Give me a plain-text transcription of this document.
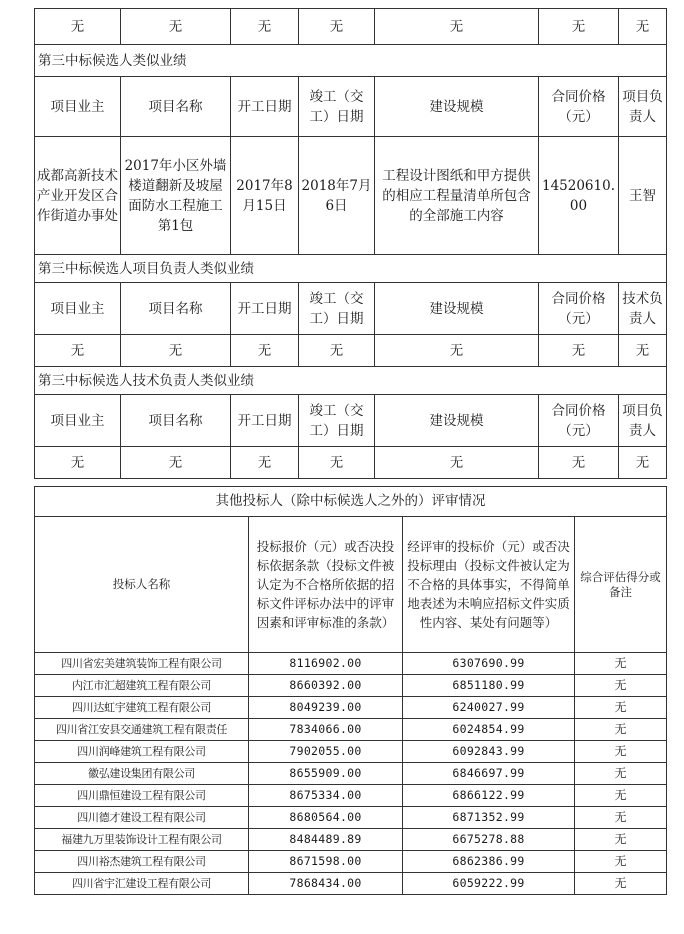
无	无	无	无	无	无	无
第三中标候选人类似业绩						
项目业主	项目名称	开工日期	竣工（交工）日期	建设规模	合同价格（元）	项目负责人
成都高新技术产业开发区合作街道办事处	2017年小区外墙楼道翻新及坡屋面防水工程施工第1包	2017年8月15日	2018年7月6日	工程设计图纸和甲方提供的相应工程量清单所包含的全部施工内容	14520610.00	王智
第三中标候选人项目负责人类似业绩						
项目业主	项目名称	开工日期	竣工（交工）日期	建设规模	合同价格（元）	技术负责人
无	无	无	无	无	无	无
第三中标候选人技术负责人类似业绩						
项目业主	项目名称	开工日期	竣工（交工）日期	建设规模	合同价格（元）	项目负责人
无	无	无	无	无	无	无
其他投标人（除中标候选人之外的）评审情况			
投标人名称	投标报价（元）或否决投标依据条款（投标文件被认定为不合格所依据的招标文件评标办法中的评审因素和评审标准的条款）	经评审的投标价（元）或否决投标理由（投标文件被认定为不合格的具体事实，不得简单地表述为未响应招标文件实质性内容、某处有问题等）	综合评估得分或备注
四川省宏美建筑装饰工程有限公司	8116902.00	6307690.99	无
内江市汇超建筑工程有限公司	8660392.00	6851180.99	无
四川达虹宇建筑工程有限公司	8049239.00	6240027.99	无
四川省江安县交通建筑工程有限责任	7834066.00	6024854.99	无
四川润峰建筑工程有限公司	7902055.00	6092843.99	无
徽弘建设集团有限公司	8655909.00	6846697.99	无
四川鼎恒建设工程有限公司	8675334.00	6866122.99	无
四川德才建设工程有限公司	8680564.00	6871352.99	无
福建九万里装饰设计工程有限公司	8484489.89	6675278.88	无
四川裕杰建筑工程有限公司	8671598.00	6862386.99	无
四川省宇汇建设工程有限公司	7868434.00	6059222.99	无
